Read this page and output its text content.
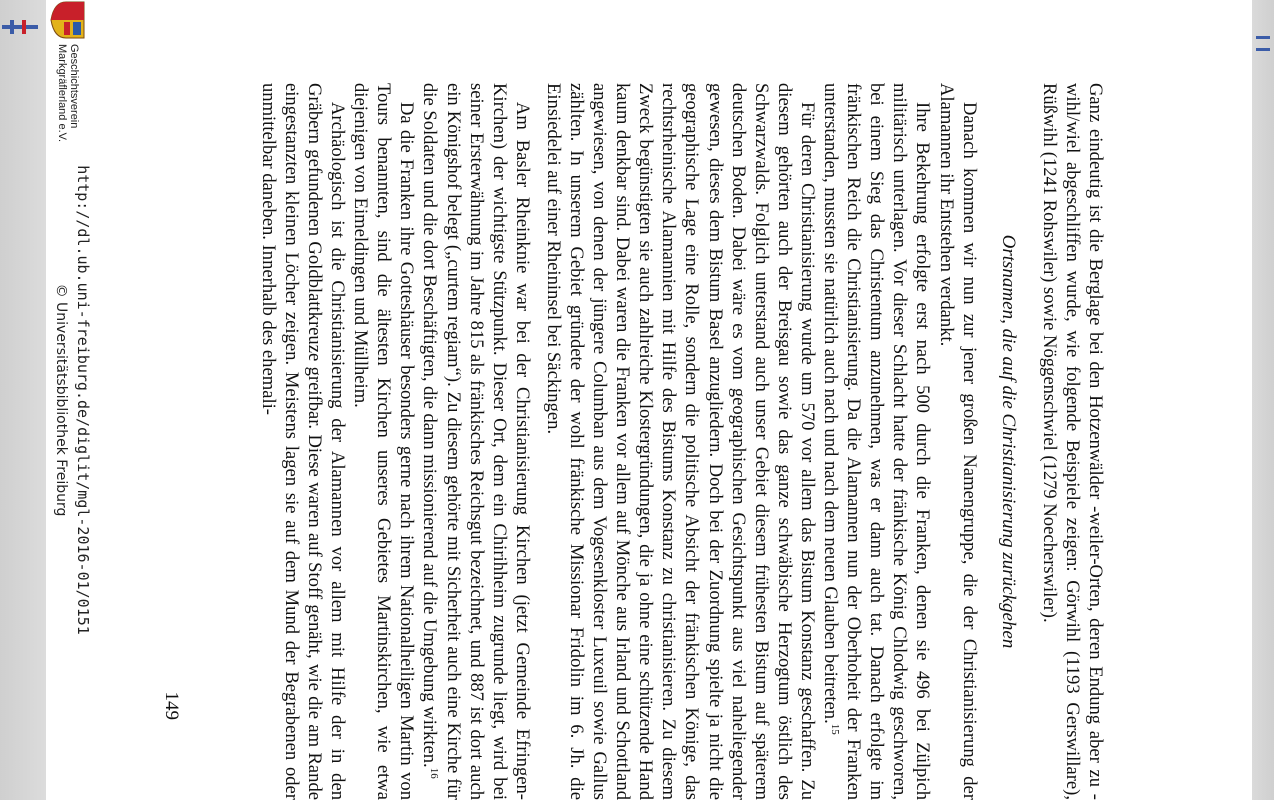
Ganz eindeutig ist die Berglage bei den Hotzenwälder -weiler-Orten, deren Endung aber zu -wihl/wiel abgeschliffen wurde, wie folgende Beispiele zeigen: Görwihl (1193 Gerswillare), Rüßwihl (1241 Rohswiler) sowie Nöggenschwiel (1279 Noecherswiler).

Ortsnamen, die auf die Christianisierung zurückgehen

Danach kommen wir nun zur jener großen Namengruppe, die der Christianisierung der Alamannen ihr Entstehen verdankt.

Ihre Bekehrung erfolgte erst nach 500 durch die Franken, denen sie 496 bei Zülpich militärisch unterlagen. Vor dieser Schlacht hatte der fränkische König Chlodwig geschworen, bei einem Sieg das Christentum anzunehmen, was er dann auch tat. Danach erfolgte im fränkischen Reich die Christianisierung. Da die Alamannen nun der Oberhoheit der Franken unterstanden, mussten sie natürlich auch nach und nach dem neuen Glauben beitreten.$^{15}$

Für deren Christianisierung wurde um 570 vor allem das Bistum Konstanz geschaffen. Zu diesem gehörten auch der Breisgau sowie das ganze schwäbische Herzogtum östlich des Schwarzwalds. Folglich unterstand auch unser Gebiet diesem frühesten Bistum auf späterem deutschen Boden. Dabei wäre es vom geographischen Gesichtspunkt aus viel naheliegender gewesen, dieses dem Bistum Basel anzugliedern. Doch bei der Zuordnung spielte ja nicht die geographische Lage eine Rolle, sondern die politische Absicht der fränkischen Könige, das rechtsrheinische Alamannien mit Hilfe des Bistums Konstanz zu christianisieren. Zu diesem Zweck begünstigten sie auch zahlreiche Klostergründungen, die ja ohne eine schützende Hand kaum denkbar sind. Dabei waren die Franken vor allem auf Mönche aus Irland und Schottland angewiesen, von denen der jüngere Columban aus dem Vogesenkloster Luxeuil sowie Gallus zählten. In unserem Gebiet gründete der wohl fränkische Missionar Fridolin im 6. Jh. die Einsiedelei auf einer Rheininsel bei Säckingen.

Am Basler Rheinknie war bei der Christianisierung Kirchen (jetzt Gemeinde Efringen-Kirchen) der wichtigste Stützpunkt. Dieser Ort, dem ein Chirihheim zugrunde liegt, wird bei seiner Ersterwähnung im Jahre 815 als fränkisches Reichsgut bezeichnet, und 887 ist dort auch ein Königshof belegt („curtem regiam“). Zu diesem gehörte mit Sicherheit auch eine Kirche für die Soldaten und die dort Beschäftigten, die dann missionierend auf die Umgebung wirkten.$^{16}$

Da die Franken ihre Gotteshäuser besonders gerne nach ihrem Nationalheiligen Martin von Tours benannten, sind die ältesten Kirchen unseres Gebietes Martinskirchen, wie etwa diejenigen von Eimeldingen und Müllheim.

Archäologisch ist die Christianisierung der Alamannen vor allem mit Hilfe der in den Gräbern gefundenen Goldblattkreuze greifbar. Diese waren auf Stoff genäht, wie die am Rande eingestanzten kleinen Löcher zeigen. Meistens lagen sie auf dem Mund der Begrabenen oder unmittelbar daneben. Innerhalb des ehemali-

149
http://dl.ub.uni-freiburg.de/diglit/mgl-2016-01/0151
© Universitätsbibliothek Freiburg
Geschichtsverein
Markgräflerland e.V.
